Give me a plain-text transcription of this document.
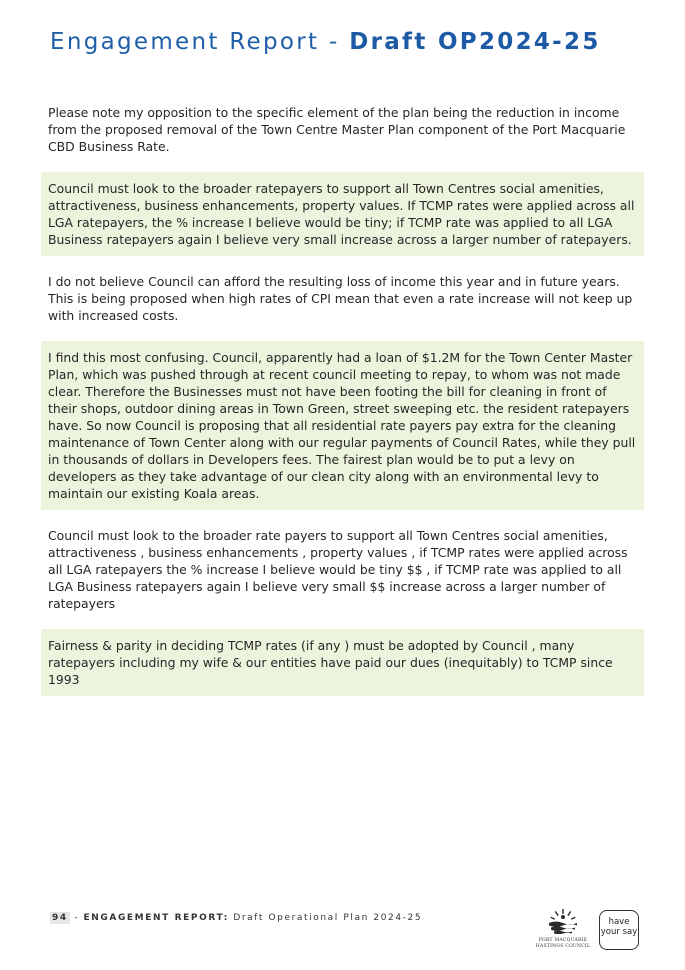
Engagement Report - Draft OP2024-25
Please note my opposition to the specific element of the plan being the reduction in income from the proposed removal of the Town Centre Master Plan component of the Port Macquarie CBD Business Rate.
Council must look to the broader ratepayers to support all Town Centres social amenities, attractiveness, business enhancements, property values. If TCMP rates were applied across all LGA ratepayers, the % increase I believe would be tiny; if TCMP rate was applied to all LGA Business ratepayers again I believe very small increase across a larger number of ratepayers.
I do not believe Council can afford the resulting loss of income this year and in future years. This is being proposed when high rates of CPI mean that even a rate increase will not keep up with increased costs.
I find this most confusing. Council, apparently had a loan of $1.2M for the Town Center Master Plan, which was pushed through at recent council meeting to repay, to whom was not made clear. Therefore the Businesses must not have been footing the bill for cleaning in front of their shops, outdoor dining areas in Town Green, street sweeping etc. the resident ratepayers have. So now Council is proposing that all residential rate payers pay extra for the cleaning maintenance of Town Center along with our regular payments of Council Rates, while they pull in thousands of dollars in Developers fees. The fairest plan would be to put a levy on developers as they take advantage of our clean city along with an environmental levy to maintain our existing Koala areas.
Council must look to the broader rate payers to support all Town Centres social amenities, attractiveness , business enhancements , property values , if TCMP rates were applied across all LGA ratepayers the % increase I believe would be tiny $$ , if TCMP rate was applied to all LGA Business ratepayers again I believe very small $$ increase across a larger number of ratepayers
Fairness & parity in deciding TCMP rates (if any ) must be adopted by Council , many ratepayers including my wife & our entities have paid our dues (inequitably) to TCMP since 1993
94 - ENGAGEMENT REPORT: Draft Operational Plan 2024-25
PORT MACQUARIE
HASTINGS COUNCIL
have
your say
